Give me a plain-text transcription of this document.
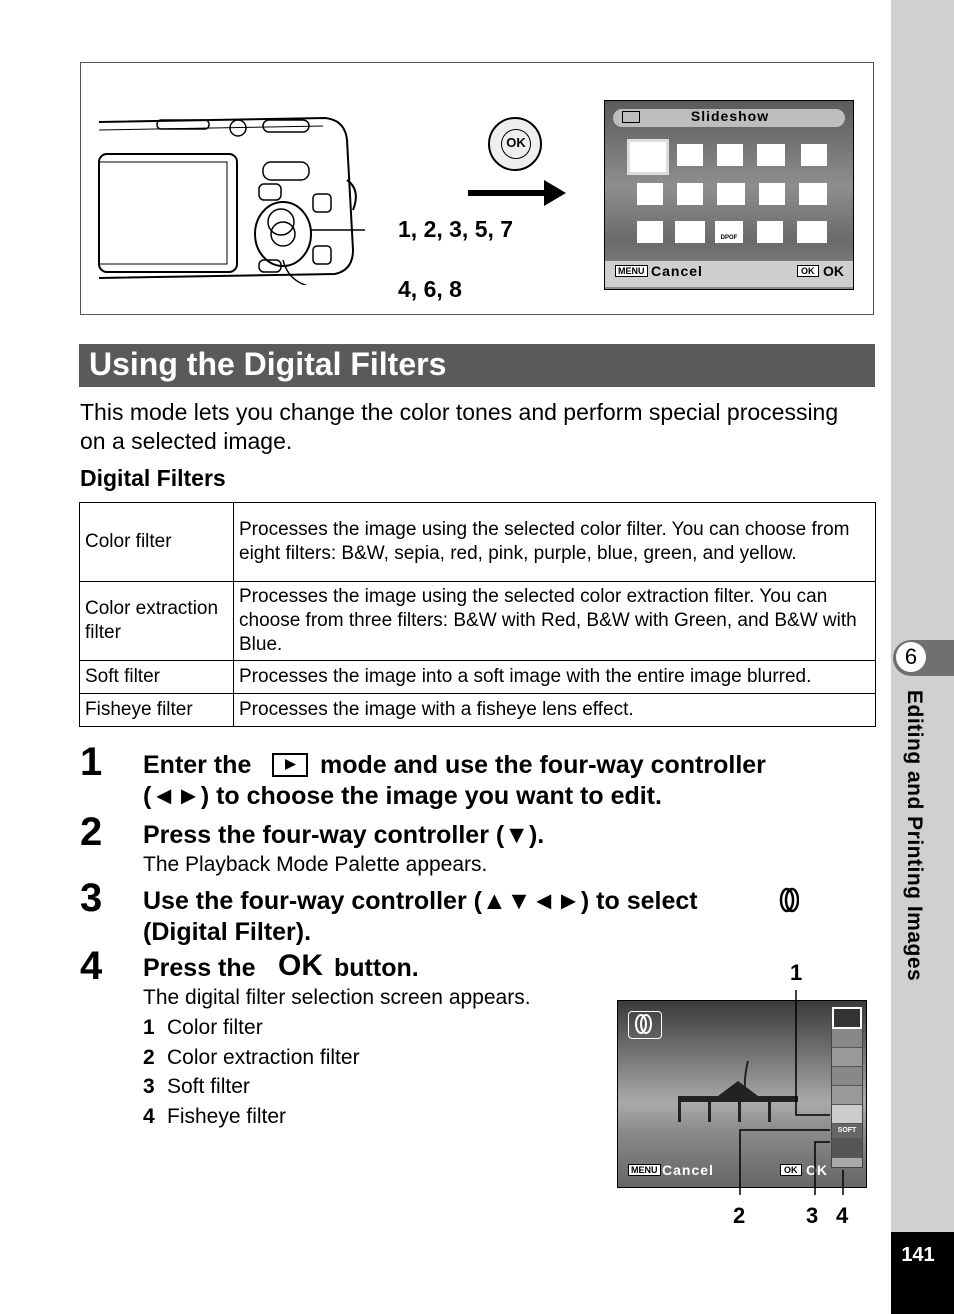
6
Editing and Printing Images
141
1, 2, 3, 5, 7
4, 6, 8
OK
Slideshow
DPOF
MENU Cancel	OK OK
Using the Digital Filters
This mode lets you change the color tones and perform special processing on a selected image.
Digital Filters
Color filter	Processes the image using the selected color filter. You can choose from eight filters: B&W, sepia, red, pink, purple, blue, green, and yellow.
Color extraction filter	Processes the image using the selected color extraction filter. You can choose from three filters: B&W with Red, B&W with Green, and B&W with Blue.
Soft filter	Processes the image into a soft image with the entire image blurred.
Fisheye filter	Processes the image with a fisheye lens effect.
1 Enter the	mode and use the four-way controller
(◄►) to choose the image you want to edit.
2 Press the four-way controller (▼).
The Playback Mode Palette appears.
3 Use the four-way controller (▲▼◄►) to select
(Digital Filter).
4 Press the OK button.
The digital filter selection screen appears.
1 Color filter
2 Color extraction filter
3 Soft filter
4 Fisheye filter
SOFT
MENU Cancel	OK OK
1
2	3 4
